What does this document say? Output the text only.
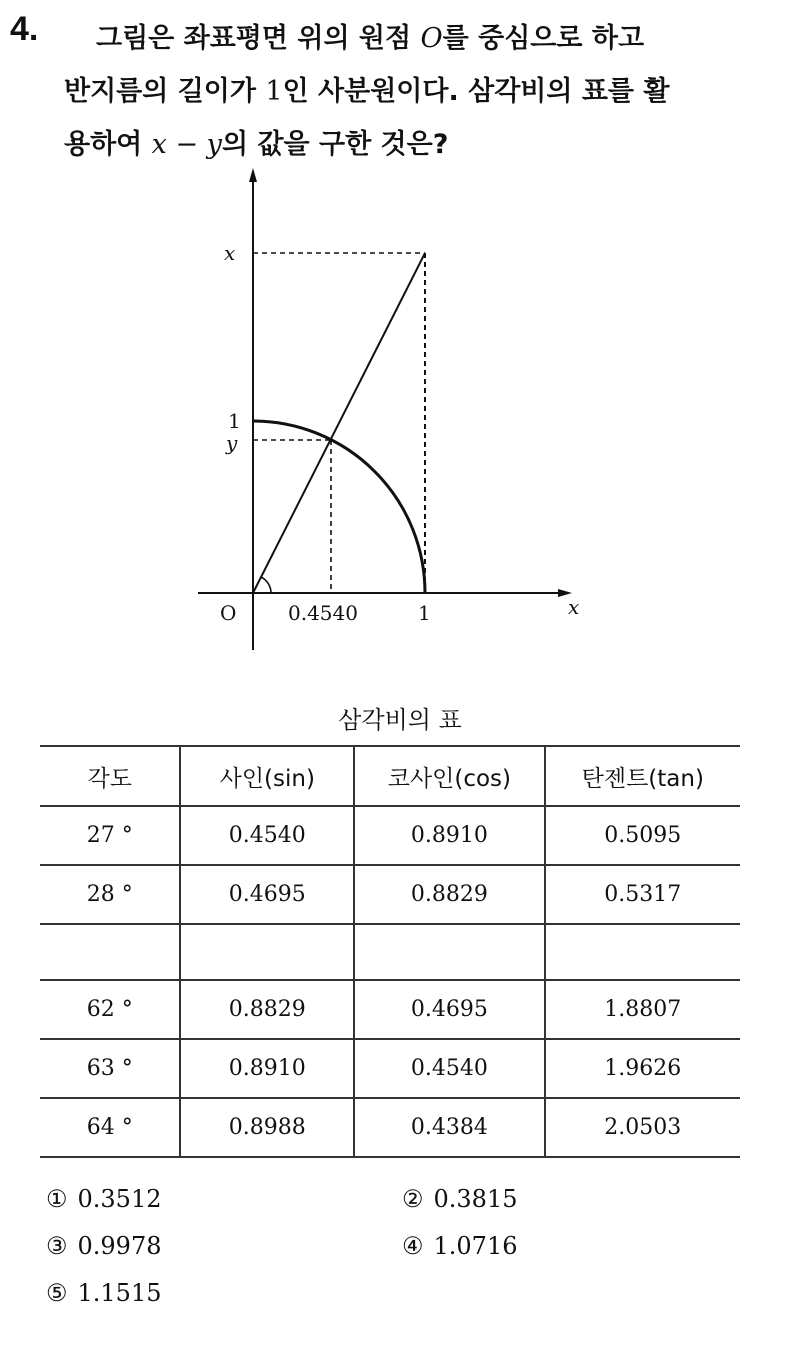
4.	그림은 좌표평면 위의 원점 O를 중심으로 하고
반지름의 길이가 1인 사분원이다. 삼각비의 표를 활
용하여 x − y의 값을 구한 것은?
x
1
y
O	0.4540	1	x
삼각비의 표
각도	사인(sin)	코사인(cos)	탄젠트(tan)
27 °	0.4540	0.8910	0.5095
28 °	0.4695	0.8829	0.5317

62 °	0.8829	0.4695	1.8807
63 °	0.8910	0.4540	1.9626
64 °	0.8988	0.4384	2.0503
① 0.3512	② 0.3815
③ 0.9978	④ 1.0716
⑤ 1.1515
